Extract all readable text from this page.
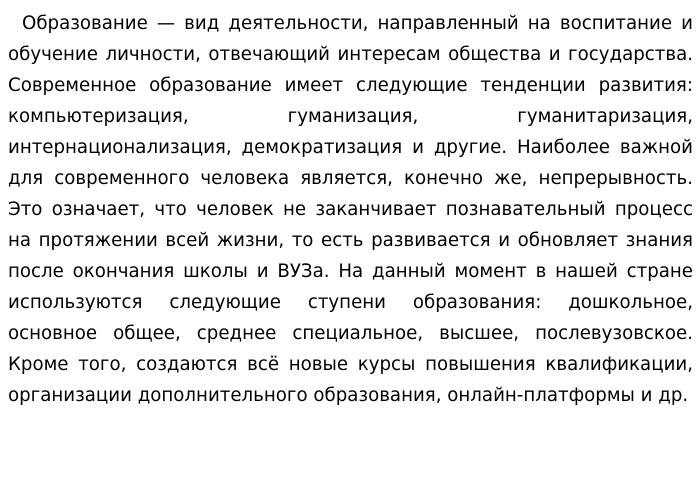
Образование — вид деятельности, направленный на воспитание и обучение личности, отвечающий интересам общества и государства. Современное образование имеет следующие тенденции развития: компьютеризация, гуманизация, гуманитаризация, интернационализация, демократизация и другие. Наиболее важной для современного человека является, конечно же, непрерывность. Это означает, что человек не заканчивает познавательный процесс на протяжении всей жизни, то есть развивается и обновляет знания после окончания школы и ВУЗа. На данный момент в нашей стране используются следующие ступени образования: дошкольное, основное общее, среднее специальное, высшее, послевузовское. Кроме того, создаются всё новые курсы повышения квалификации, организации дополнительного образования, онлайн-платформы и др.
